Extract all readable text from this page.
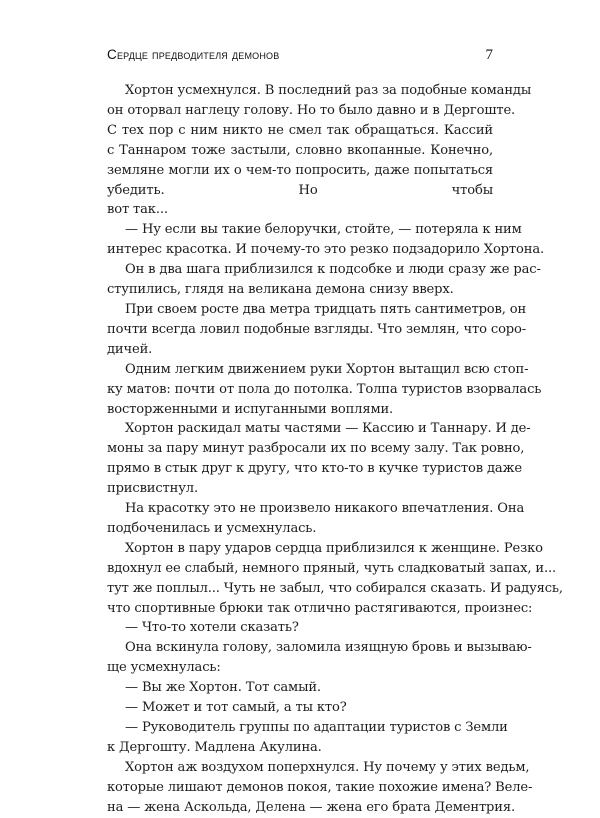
Сердце предводителя демонов	7
Хортон усмехнулся. В последний раз за подобные команды
он оторвал наглецу голову. Но то было давно и в Дергоште.
С тех пор с ним никто не смел так обращаться. Кассий с Таннаром тоже застыли, словно вкопанные. Конечно, земляне могли их о чем-то попросить, даже попытаться убедить. Но чтобы
вот так...
— Ну если вы такие белоручки, стойте, — потеряла к ним
интерес красотка. И почему-то это резко подзадорило Хортона.
Он в два шага приблизился к подсобке и люди сразу же рас-
ступились, глядя на великана демона снизу вверх.
При своем росте два метра тридцать пять сантиметров, он
почти всегда ловил подобные взгляды. Что землян, что соро-
дичей.
Одним легким движением руки Хортон вытащил всю стоп-
ку матов: почти от пола до потолка. Толпа туристов взорвалась
восторженными и испуганными воплями.
Хортон раскидал маты частями — Кассию и Таннару. И де-
моны за пару минут разбросали их по всему залу. Так ровно,
прямо в стык друг к другу, что кто-то в кучке туристов даже
присвистнул.
На красотку это не произвело никакого впечатления. Она
подбоченилась и усмехнулась.
Хортон в пару ударов сердца приблизился к женщине. Резко
вдохнул ее слабый, немного пряный, чуть сладковатый запах, и...
тут же поплыл... Чуть не забыл, что собирался сказать. И радуясь,
что спортивные брюки так отлично растягиваются, произнес:
— Что-то хотели сказать?
Она вскинула голову, заломила изящную бровь и вызываю-
ще усмехнулась:
— Вы же Хортон. Тот самый.
— Может и тот самый, а ты кто?
— Руководитель группы по адаптации туристов с Земли
к Дергошту. Мадлена Акулина.
Хортон аж воздухом поперхнулся. Ну почему у этих ведьм,
которые лишают демонов покоя, такие похожие имена? Веле-
на — жена Аскольда, Делена — жена его брата Дементрия.
